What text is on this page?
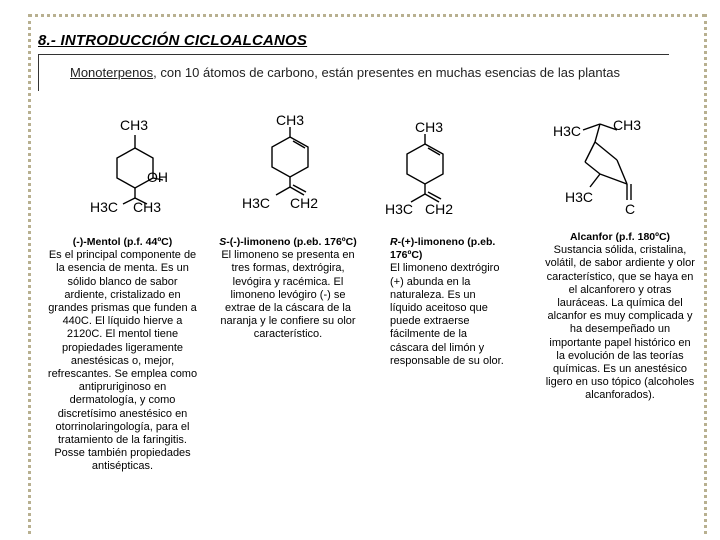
8.- INTRODUCCIÓN CICLOALCANOS
Monoterpenos, con 10 átomos de carbono, están presentes en muchas esencias de las plantas
CH3
OH
H3C CH3
CH3
H3C CH2
CH3
H3C CH2
H3C CH3
H3C
C
(-)-Mentol (p.f. 44ºC)
Es el principal componente de la esencia de menta. Es un sólido blanco de sabor ardiente, cristalizado en grandes prismas que funden a 440C. El líquido hierve a 2120C. El mentol tiene propiedades ligeramente anestésicas o, mejor, refrescantes. Se emplea como antipruriginoso en dermatología, y como discretísimo anestésico en otorrinolaringología, para el tratamiento de la faringitis. Posse también propiedades antisépticas.
S-(-)-limoneno (p.eb. 176ºC)
El limoneno se presenta en tres formas, dextrógira, levógira y racémica. El limoneno levógiro (-) se extrae de la cáscara de la naranja y le confiere su olor característico.
R-(+)-limoneno (p.eb. 176ºC)
El limoneno dextrógiro (+) abunda en la naturaleza. Es un líquido aceitoso que puede extraerse fácilmente de la cáscara del limón y responsable de su olor.
Alcanfor (p.f. 180ºC)
Sustancia sólida, cristalina, volátil, de sabor ardiente y olor característico, que se haya en el alcanforero y otras lauráceas. La química del alcanfor es muy complicada y ha desempeñado un importante papel histórico en la evolución de las teorías químicas. Es un anestésico ligero en uso tópico (alcoholes alcanforados).
